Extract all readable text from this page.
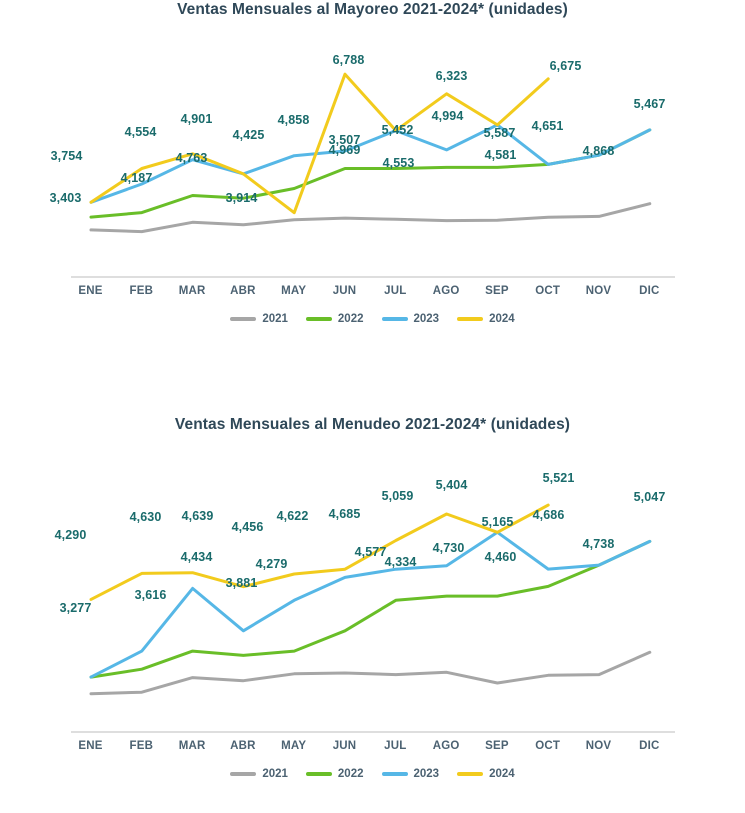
Ventas Mensuales al Mayoreo 2021-2024* (unidades)
3,403
3,754
4,187
4,554
4,901
4,763
3,914
4,425
4,858
3,507
6,788
4,969
5,452
4,553
6,323
4,994
5,587
4,581
6,675
4,651
4,868
5,467
ENE FEB MAR ABR MAY JUN JUL AGO SEP OCT NOV DIC
2021	2022	2023	2024
Ventas Mensuales al Menudeo 2021-2024* (unidades)
4,290
3,277
4,630
3,616
4,639
4,434
4,456
3,881
4,622
4,279
4,685
4,577
5,059
4,334
5,404
4,730
5,165
4,460
5,521
4,686
4,738
5,047
ENE FEB MAR ABR MAY JUN JUL AGO SEP OCT NOV DIC
2021	2022	2023	2024
